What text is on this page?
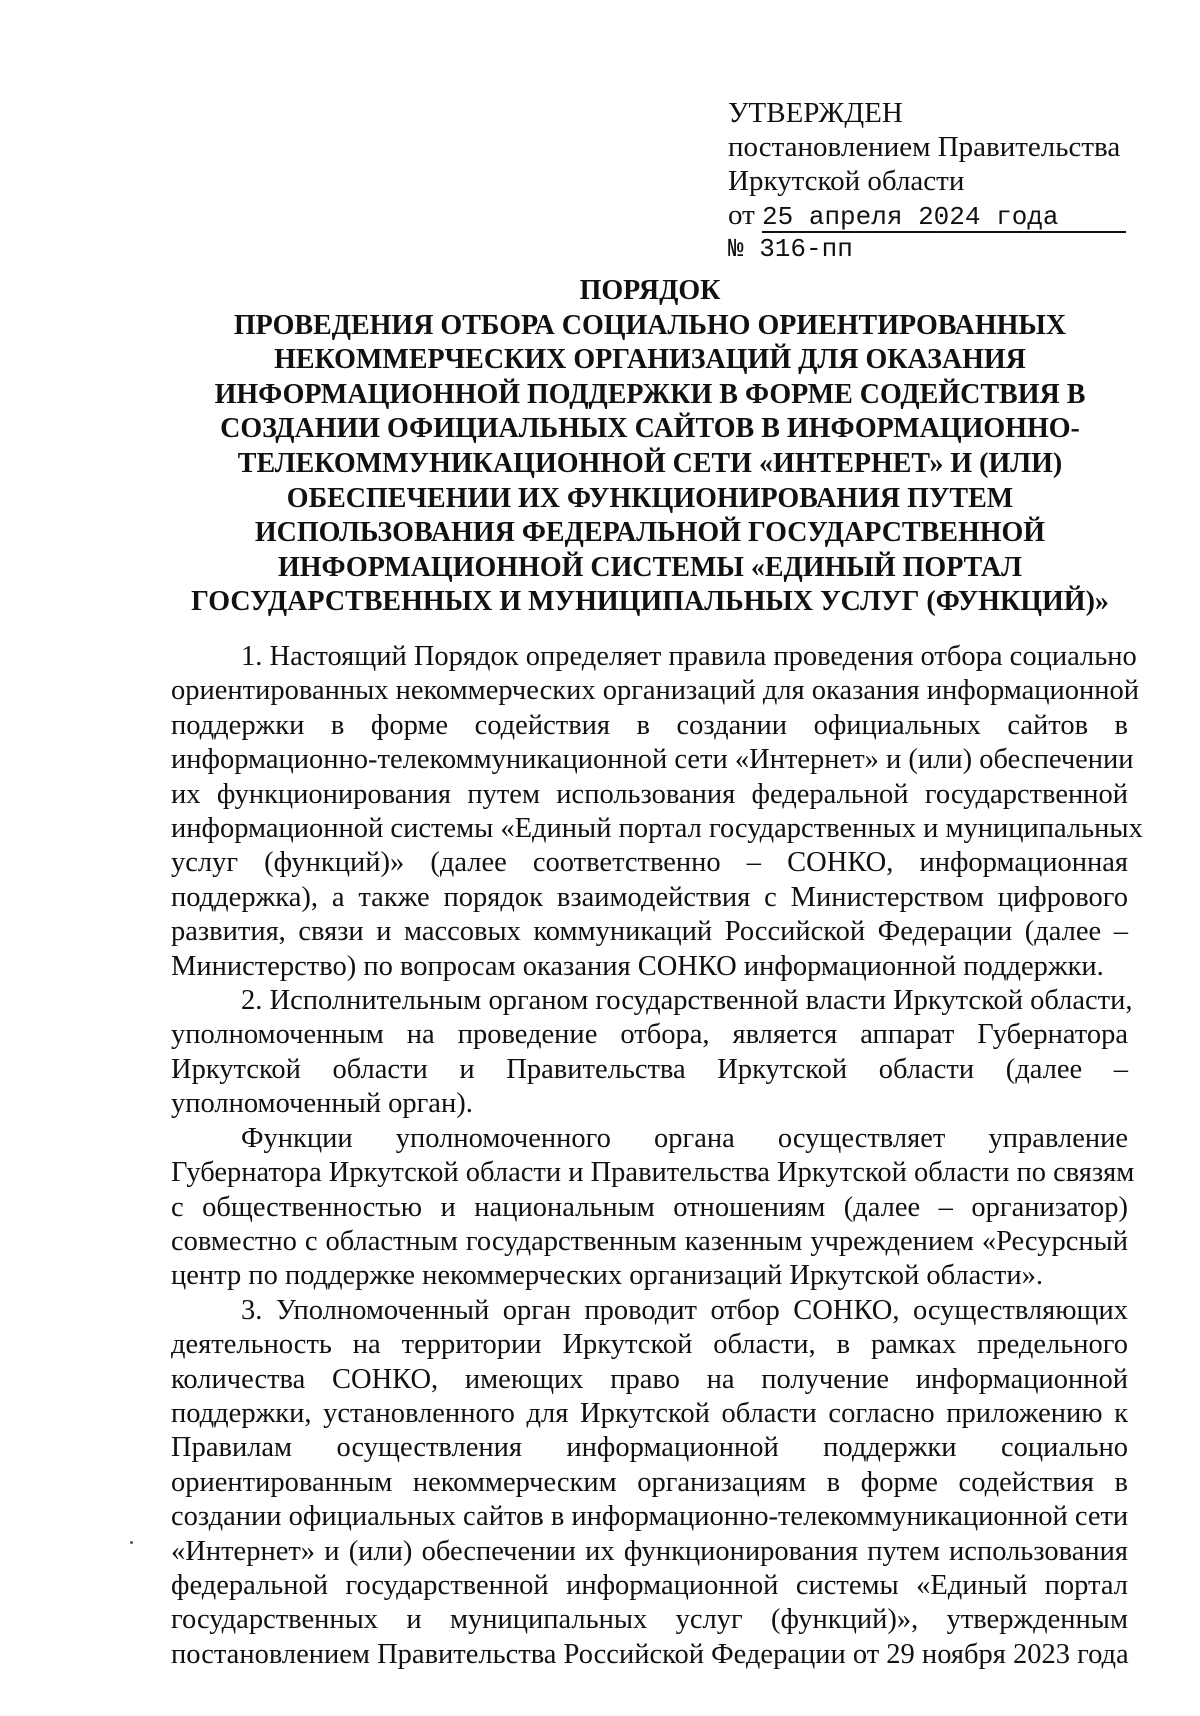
УТВЕРЖДЕН
постановлением Правительства
Иркутской области
от 25 апреля 2024 года
№ 316-пп
ПОРЯДОК
ПРОВЕДЕНИЯ ОТБОРА СОЦИАЛЬНО ОРИЕНТИРОВАННЫХ
НЕКОММЕРЧЕСКИХ ОРГАНИЗАЦИЙ ДЛЯ ОКАЗАНИЯ
ИНФОРМАЦИОННОЙ ПОДДЕРЖКИ В ФОРМЕ СОДЕЙСТВИЯ В
СОЗДАНИИ ОФИЦИАЛЬНЫХ САЙТОВ В ИНФОРМАЦИОННО-
ТЕЛЕКОММУНИКАЦИОННОЙ СЕТИ «ИНТЕРНЕТ» И (ИЛИ)
ОБЕСПЕЧЕНИИ ИХ ФУНКЦИОНИРОВАНИЯ ПУТЕМ
ИСПОЛЬЗОВАНИЯ ФЕДЕРАЛЬНОЙ ГОСУДАРСТВЕННОЙ
ИНФОРМАЦИОННОЙ СИСТЕМЫ «ЕДИНЫЙ ПОРТАЛ
ГОСУДАРСТВЕННЫХ И МУНИЦИПАЛЬНЫХ УСЛУГ (ФУНКЦИЙ)»
1. Настоящий Порядок определяет правила проведения отбора социально
ориентированных некоммерческих организаций для оказания информационной
поддержки в форме содействия в создании официальных сайтов в
информационно-телекоммуникационной сети «Интернет» и (или) обеспечении
их функционирования путем использования федеральной государственной
информационной системы «Единый портал государственных и муниципальных
услуг (функций)» (далее соответственно – СОНКО, информационная
поддержка), а также порядок взаимодействия с Министерством цифрового
развития, связи и массовых коммуникаций Российской Федерации (далее –
Министерство) по вопросам оказания СОНКО информационной поддержки.
2. Исполнительным органом государственной власти Иркутской области,
уполномоченным на проведение отбора, является аппарат Губернатора
Иркутской области и Правительства Иркутской области (далее –
уполномоченный орган).
Функции уполномоченного органа осуществляет управление
Губернатора Иркутской области и Правительства Иркутской области по связям
с общественностью и национальным отношениям (далее – организатор)
совместно с областным государственным казенным учреждением «Ресурсный
центр по поддержке некоммерческих организаций Иркутской области».
3. Уполномоченный орган проводит отбор СОНКО, осуществляющих
деятельность на территории Иркутской области, в рамках предельного
количества СОНКО, имеющих право на получение информационной
поддержки, установленного для Иркутской области согласно приложению к
Правилам осуществления информационной поддержки социально
ориентированным некоммерческим организациям в форме содействия в
создании официальных сайтов в информационно-телекоммуникационной сети
«Интернет» и (или) обеспечении их функционирования путем использования
федеральной государственной информационной системы «Единый портал
государственных и муниципальных услуг (функций)», утвержденным
постановлением Правительства Российской Федерации от 29 ноября 2023 года
